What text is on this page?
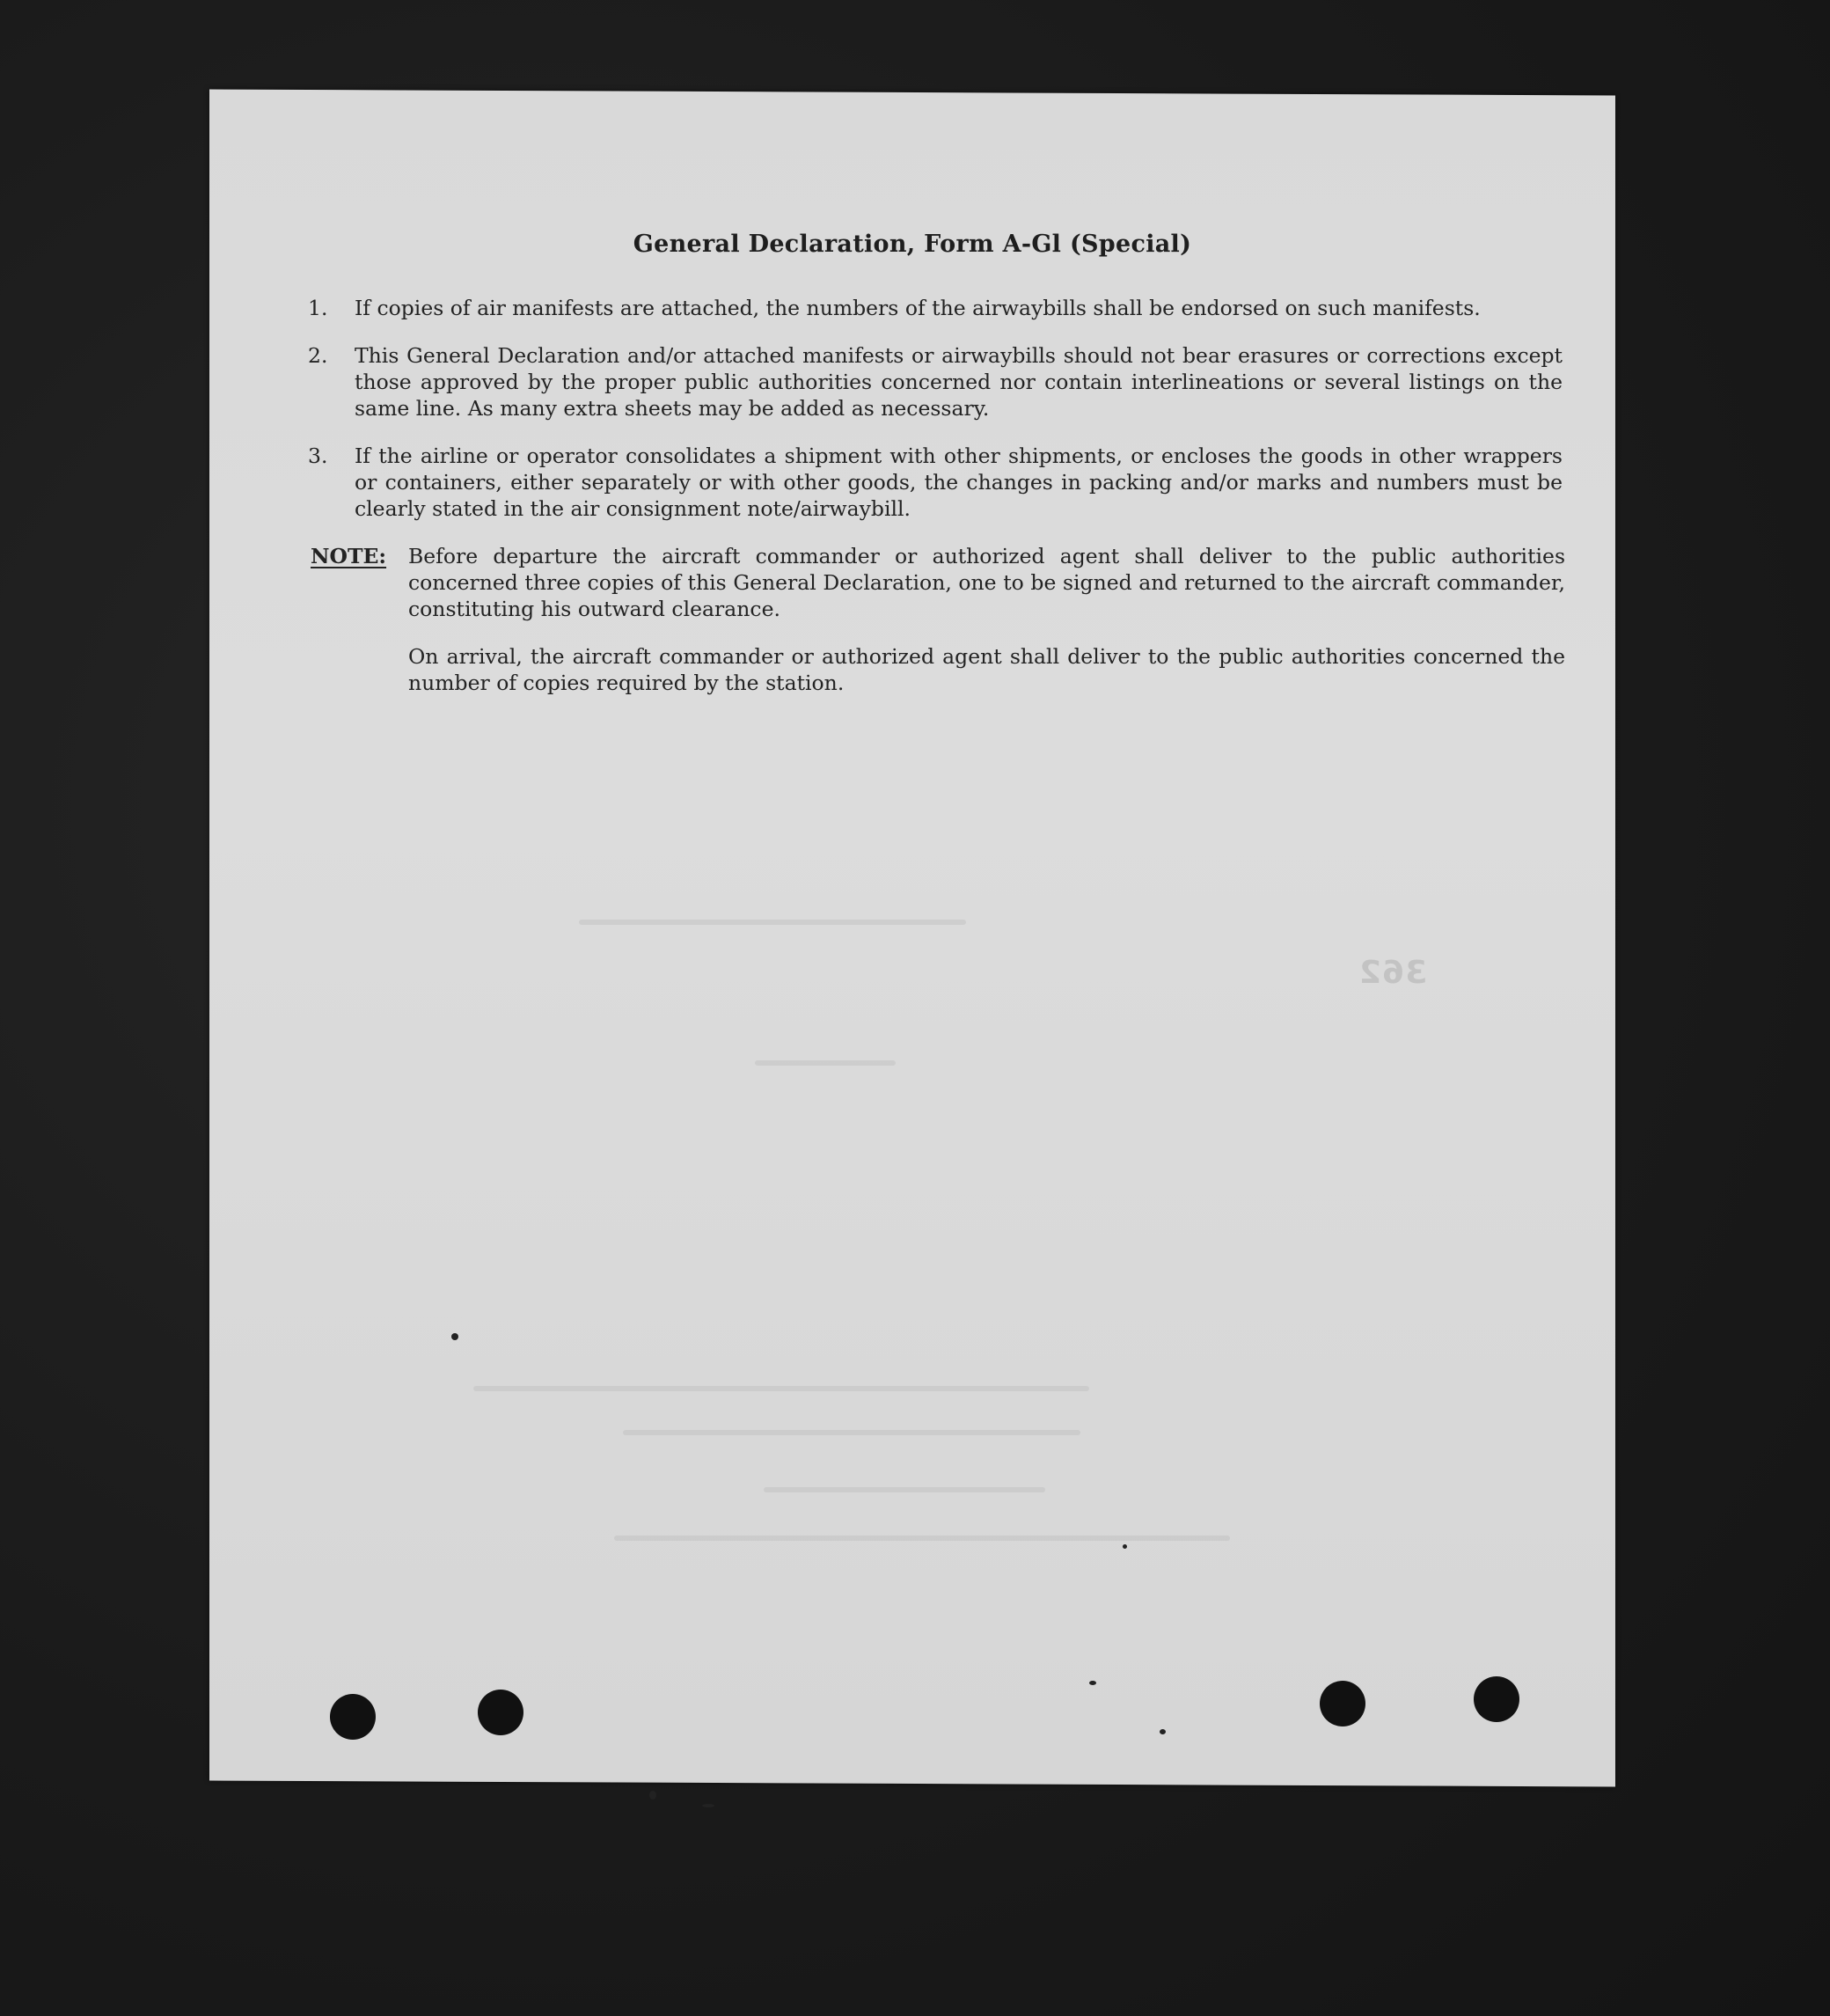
General Declaration, Form A-Gl (Special)
1.	If copies of air manifests are attached, the numbers of the airwaybills shall be endorsed on such manifests.
2.	This General Declaration and/or attached manifests or airwaybills should not bear erasures or corrections except those approved by the proper public authorities concerned nor contain interlineations or several listings on the same line. As many extra sheets may be added as necessary.
3.	If the airline or operator consolidates a shipment with other shipments, or encloses the goods in other wrappers or containers, either separately or with other goods, the changes in packing and/or marks and numbers must be clearly stated in the air consignment note/airwaybill.
NOTE: Before departure the aircraft commander or authorized agent shall deliver to the public authorities concerned three copies of this General Declaration, one to be signed and returned to the aircraft commander, constituting his outward clearance.
On arrival, the aircraft commander or authorized agent shall deliver to the public authorities concerned the number of copies required by the station.
362
